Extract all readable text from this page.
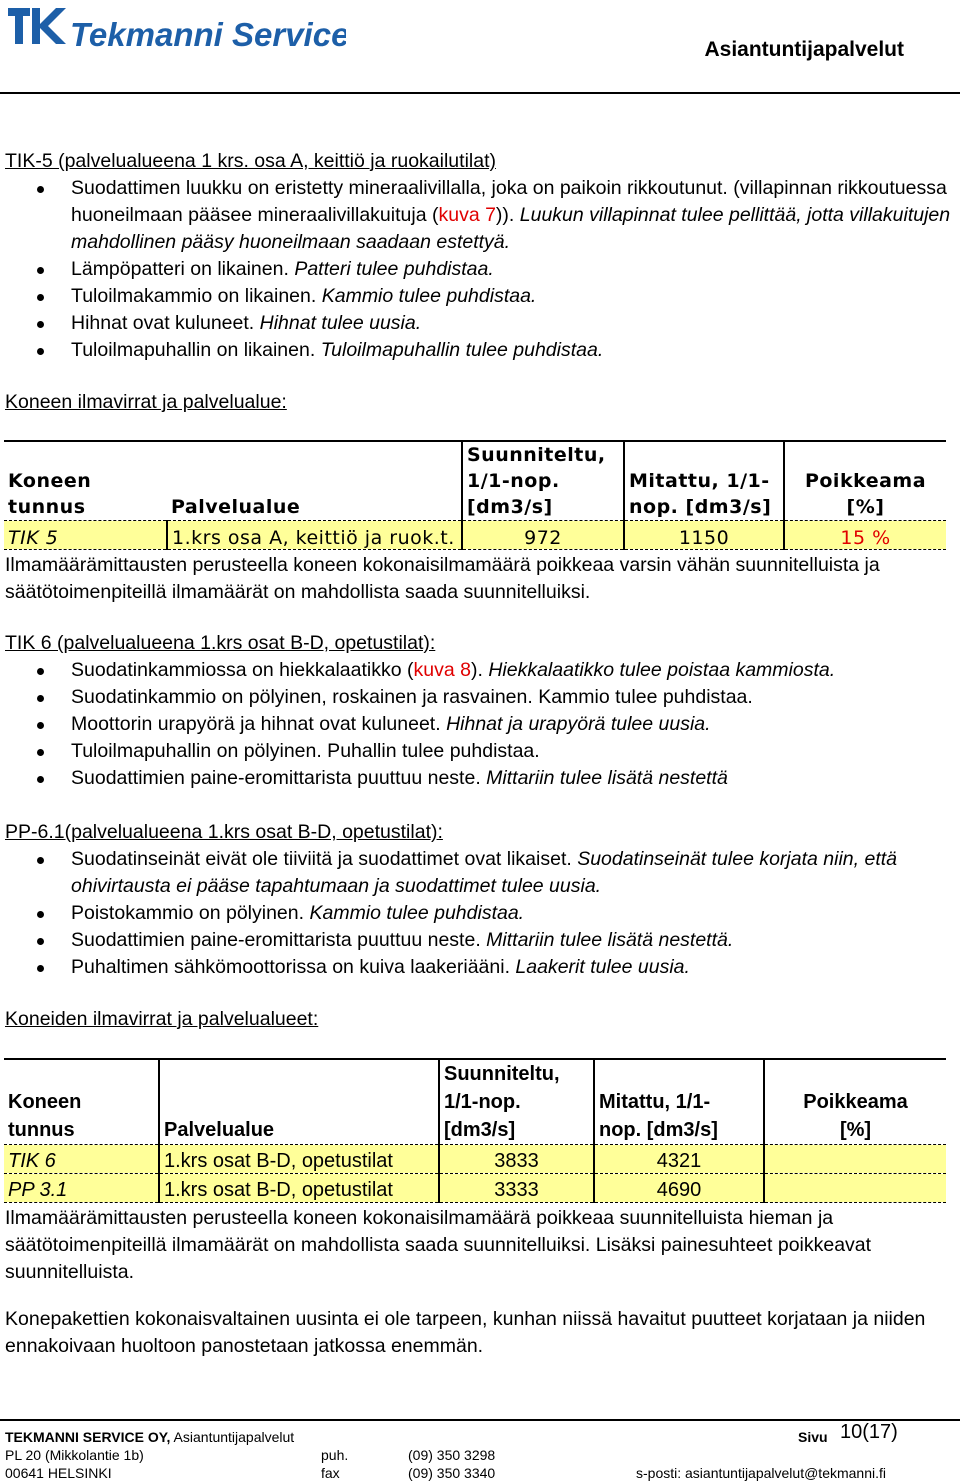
Tekmanni Service	Asiantuntijapalvelut
TIK-5 (palvelualueena 1 krs. osa A, keittiö ja ruokailutilat)
Suodattimen luukku on eristetty mineraalivillalla, joka on paikoin rikkoutunut. (villapinnan rikkoutuessa huoneilmaan pääsee mineraalivillakuituja (kuva 7)). Luukun villapinnat tulee pellittää, jotta villakuitujen mahdollinen pääsy huoneilmaan saadaan estettyä.
Lämpöpatteri on likainen. Patteri tulee puhdistaa.
Tuloilmakammio on likainen. Kammio tulee puhdistaa.
Hihnat ovat kuluneet. Hihnat tulee uusia.
Tuloilmapuhallin on likainen. Tuloilmapuhallin tulee puhdistaa.
Koneen ilmavirrat ja palvelualue:
Koneen
tunnus	Palvelualue	Suunniteltu,
1/1-nop.
[dm3/s]	Mitattu, 1/1-
nop. [dm3/s]	Poikkeama
[%]
TIK 5	1.krs osa A, keittiö ja ruok.t.	972	1150	15 %
Ilmamäärämittausten perusteella koneen kokonaisilmamäärä poikkeaa varsin vähän suunnitelluista ja säätötoimenpiteillä ilmamäärät on mahdollista saada suunnitelluiksi.
TIK 6 (palvelualueena 1.krs osat B-D, opetustilat):
Suodatinkammiossa on hiekkalaatikko (kuva 8). Hiekkalaatikko tulee poistaa kammiosta.
Suodatinkammio on pölyinen, roskainen ja rasvainen. Kammio tulee puhdistaa.
Moottorin urapyörä ja hihnat ovat kuluneet. Hihnat ja urapyörä tulee uusia.
Tuloilmapuhallin on pölyinen. Puhallin tulee puhdistaa.
Suodattimien paine-eromittarista puuttuu neste. Mittariin tulee lisätä nestettä
PP-6.1(palvelualueena 1.krs osat B-D, opetustilat):
Suodatinseinät eivät ole tiiviitä ja suodattimet ovat likaiset. Suodatinseinät tulee korjata niin, että ohivirtausta ei pääse tapahtumaan ja suodattimet tulee uusia.
Poistokammio on pölyinen. Kammio tulee puhdistaa.
Suodattimien paine-eromittarista puuttuu neste. Mittariin tulee lisätä nestettä.
Puhaltimen sähkömoottorissa on kuiva laakeriääni. Laakerit tulee uusia.
Koneiden ilmavirrat ja palvelualueet:
Koneen
tunnus	Palvelualue	Suunniteltu,
1/1-nop.
[dm3/s]	Mitattu, 1/1-
nop. [dm3/s]	Poikkeama
[%]
TIK 6	1.krs osat B-D, opetustilat	3833	4321	
PP 3.1	1.krs osat B-D, opetustilat	3333	4690	
Ilmamäärämittausten perusteella koneen kokonaisilmamäärä poikkeaa suunnitelluista hieman ja säätötoimenpiteillä ilmamäärät on mahdollista saada suunnitelluiksi. Lisäksi painesuhteet poikkeavat suunnitelluista.
Konepakettien kokonaisvaltainen uusinta ei ole tarpeen, kunhan niissä havaitut puutteet korjataan ja niiden ennakoivaan huoltoon panostetaan jatkossa enemmän.
TEKMANNI SERVICE OY, Asiantuntijapalvelut
PL 20 (Mikkolantie 1b)
00641 HELSINKI
puh.	(09) 350 3298
fax	(09) 350 3340
Sivu 10(17)
s-posti: asiantuntijapalvelut@tekmanni.fi
